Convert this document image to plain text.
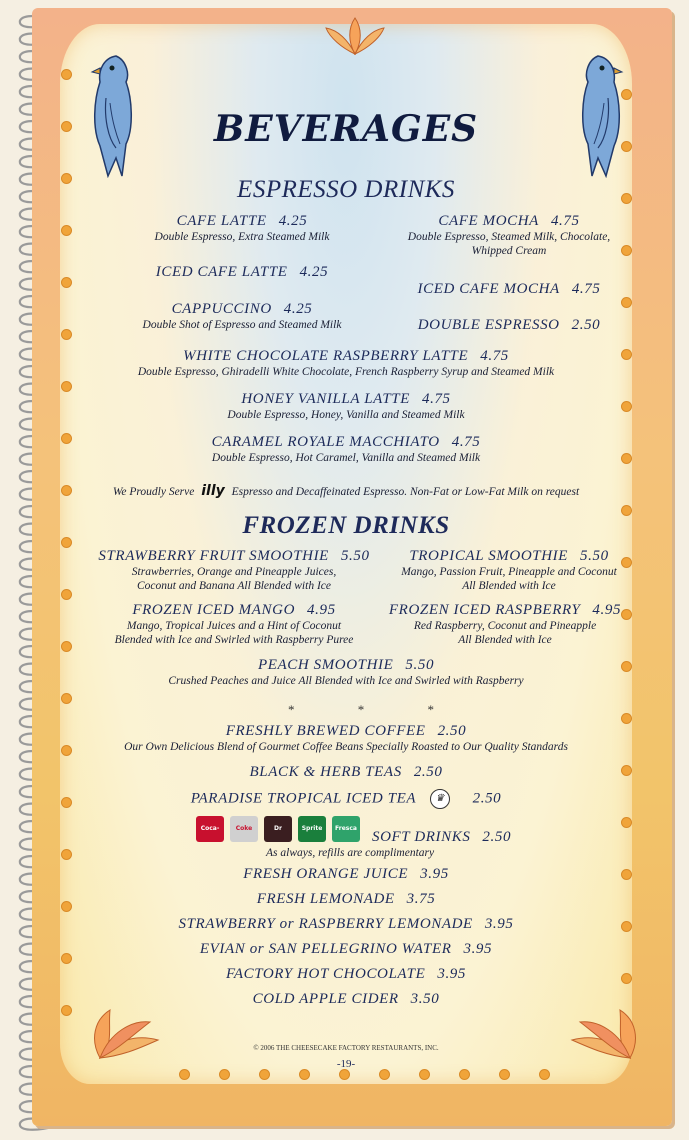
BEVERAGES
ESPRESSO DRINKS
CAFE LATTE 4.25
Double Espresso, Extra Steamed Milk
CAFE MOCHA 4.75
Double Espresso, Steamed Milk, Chocolate,
Whipped Cream
ICED CAFE LATTE 4.25
ICED CAFE MOCHA 4.75
CAPPUCCINO 4.25
Double Shot of Espresso and Steamed Milk	DOUBLE ESPRESSO 2.50
WHITE CHOCOLATE RASPBERRY LATTE 4.75
Double Espresso, Ghiradelli White Chocolate, French Raspberry Syrup and Steamed Milk
HONEY VANILLA LATTE 4.75
Double Espresso, Honey, Vanilla and Steamed Milk
CARAMEL ROYALE MACCHIATO 4.75
Double Espresso, Hot Caramel, Vanilla and Steamed Milk
We Proudly Serve illy Espresso and Decaffeinated Espresso. Non-Fat or Low-Fat Milk on request
FROZEN DRINKS
STRAWBERRY FRUIT SMOOTHIE 5.50
Strawberries, Orange and Pineapple Juices,
Coconut and Banana All Blended with Ice
TROPICAL SMOOTHIE 5.50
Mango, Passion Fruit, Pineapple and Coconut
All Blended with Ice
FROZEN ICED MANGO 4.95
Mango, Tropical Juices and a Hint of Coconut
Blended with Ice and Swirled with Raspberry Puree
FROZEN ICED RASPBERRY 4.95
Red Raspberry, Coconut and Pineapple
All Blended with Ice
PEACH SMOOTHIE 5.50
Crushed Peaches and Juice All Blended with Ice and Swirled with Raspberry
* * *
FRESHLY BREWED COFFEE 2.50
Our Own Delicious Blend of Gourmet Coffee Beans Specially Roasted to Our Quality Standards
BLACK & HERB TEAS 2.50
PARADISE TROPICAL ICED TEA ♛ 2.50
Coca-	Coke	Dr	Sprite	Fresca
SOFT DRINKS 2.50
As always, refills are complimentary
FRESH ORANGE JUICE 3.95
FRESH LEMONADE 3.75
STRAWBERRY or RASPBERRY LEMONADE 3.95
EVIAN or SAN PELLEGRINO WATER 3.95
FACTORY HOT CHOCOLATE 3.95
COLD APPLE CIDER 3.50
© 2006 THE CHEESECAKE FACTORY RESTAURANTS, INC.
-19-
